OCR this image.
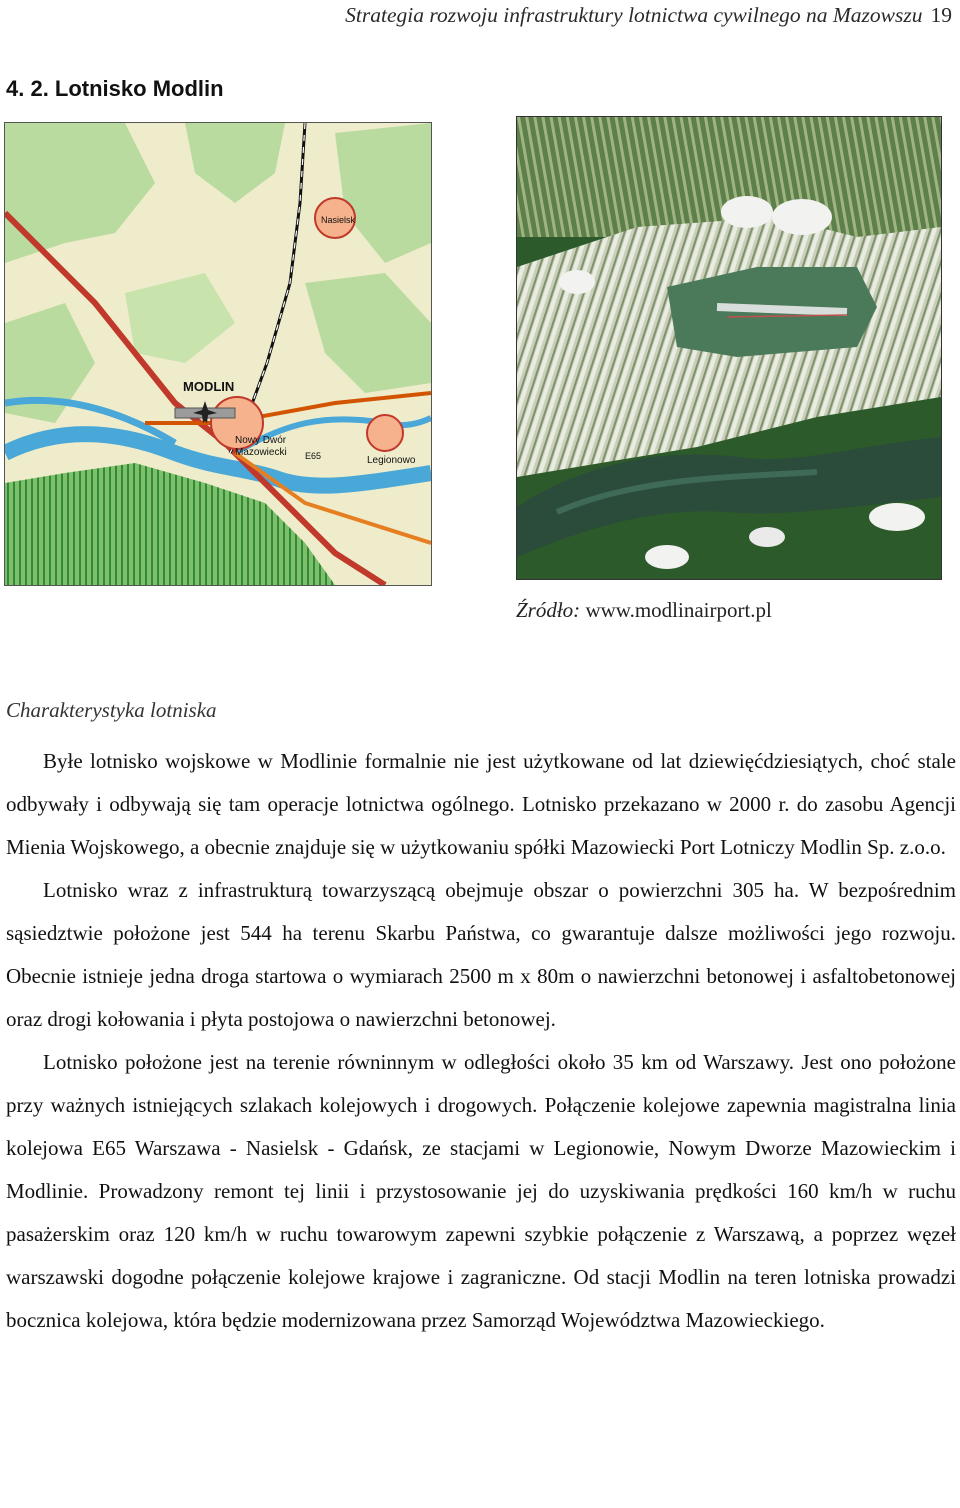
Strategia rozwoju infrastruktury lotnictwa cywilnego na Mazowszu 19
4. 2. Lotnisko Modlin
MODLIN
Nowy Dwór
Mazowiecki
Legionowo
Nasielsk
E65
Źródło: www.modlinairport.pl
Charakterystyka lotniska

Byłe lotnisko wojskowe w Modlinie formalnie nie jest użytkowane od lat dziewięćdziesiątych, choć stale odbywały i odbywają się tam operacje lotnictwa ogólnego. Lotnisko przekazano w 2000 r. do zasobu Agencji Mienia Wojskowego, a obecnie znajduje się w użytkowaniu spółki Mazowiecki Port Lotniczy Modlin Sp. z.o.o.

Lotnisko wraz z infrastrukturą towarzyszącą obejmuje obszar o powierzchni 305 ha. W bezpośrednim sąsiedztwie położone jest 544 ha terenu Skarbu Państwa, co gwarantuje dalsze możliwości jego rozwoju. Obecnie istnieje jedna droga startowa o wymiarach 2500 m x 80m o nawierzchni betonowej i asfaltobetonowej oraz drogi kołowania i płyta postojowa o nawierzchni betonowej.

Lotnisko położone jest na terenie równinnym w odległości około 35 km od Warszawy. Jest ono położone przy ważnych istniejących szlakach kolejowych i drogowych. Połączenie kolejowe zapewnia magistralna linia kolejowa E65 Warszawa - Nasielsk - Gdańsk, ze stacjami w Legionowie, Nowym Dworze Mazowieckim i Modlinie. Prowadzony remont tej linii i przystosowanie jej do uzyskiwania prędkości 160 km/h w ruchu pasażerskim oraz 120 km/h w ruchu towarowym zapewni szybkie połączenie z Warszawą, a poprzez węzeł warszawski dogodne połączenie kolejowe krajowe i zagraniczne. Od stacji Modlin na teren lotniska prowadzi bocznica kolejowa, która będzie modernizowana przez Samorząd Województwa Mazowieckiego.
